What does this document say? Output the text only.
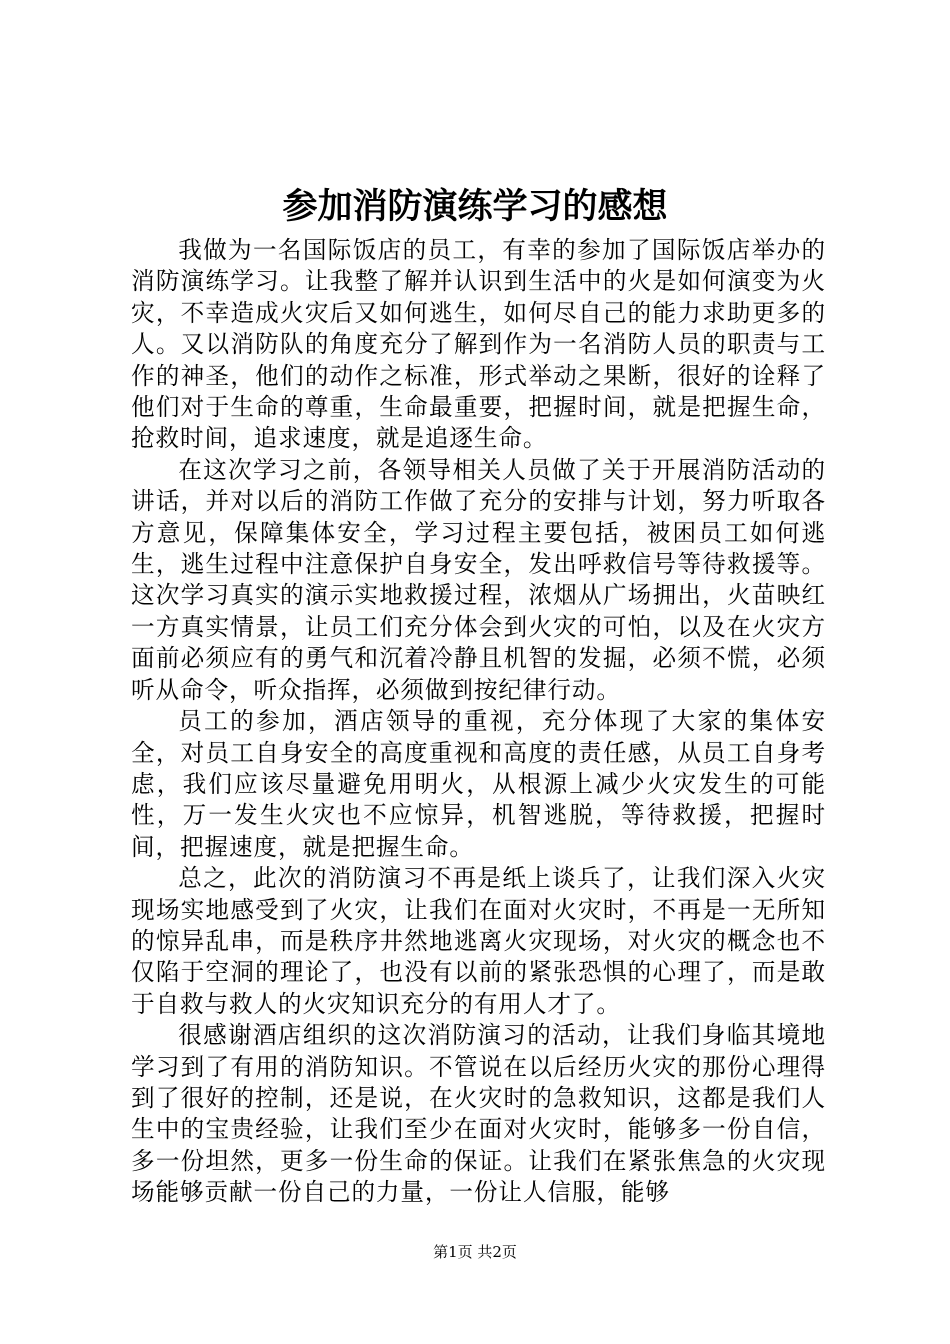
参加消防演练学习的感想

我做为一名国际饭店的员工，有幸的参加了国际饭店举办的消防演练学习。让我整了解并认识到生活中的火是如何演变为火灾，不幸造成火灾后又如何逃生，如何尽自己的能力求助更多的人。又以消防队的角度充分了解到作为一名消防人员的职责与工作的神圣，他们的动作之标准，形式举动之果断，很好的诠释了他们对于生命的尊重，生命最重要，把握时间，就是把握生命，抢救时间，追求速度，就是追逐生命。

在这次学习之前，各领导相关人员做了关于开展消防活动的讲话，并对以后的消防工作做了充分的安排与计划，努力听取各方意见，保障集体安全，学习过程主要包括，被困员工如何逃生，逃生过程中注意保护自身安全，发出呼救信号等待救援等。这次学习真实的演示实地救援过程，浓烟从广场拥出，火苗映红一方真实情景，让员工们充分体会到火灾的可怕，以及在火灾方面前必须应有的勇气和沉着冷静且机智的发掘，必须不慌，必须听从命令，听众指挥，必须做到按纪律行动。

员工的参加，酒店领导的重视，充分体现了大家的集体安全，对员工自身安全的高度重视和高度的责任感，从员工自身考虑，我们应该尽量避免用明火，从根源上减少火灾发生的可能性，万一发生火灾也不应惊异，机智逃脱，等待救援，把握时间，把握速度，就是把握生命。

总之，此次的消防演习不再是纸上谈兵了，让我们深入火灾现场实地感受到了火灾，让我们在面对火灾时，不再是一无所知的惊异乱串，而是秩序井然地逃离火灾现场，对火灾的概念也不仅陷于空洞的理论了，也没有以前的紧张恐惧的心理了，而是敢于自救与救人的火灾知识充分的有用人才了。

很感谢酒店组织的这次消防演习的活动，让我们身临其境地学习到了有用的消防知识。不管说在以后经历火灾的那份心理得到了很好的控制，还是说，在火灾时的急救知识，这都是我们人生中的宝贵经验，让我们至少在面对火灾时，能够多一份自信，多一份坦然，更多一份生命的保证。让我们在紧张焦急的火灾现场能够贡献一份自己的力量，一份让人信服，能够

第1页 共2页
